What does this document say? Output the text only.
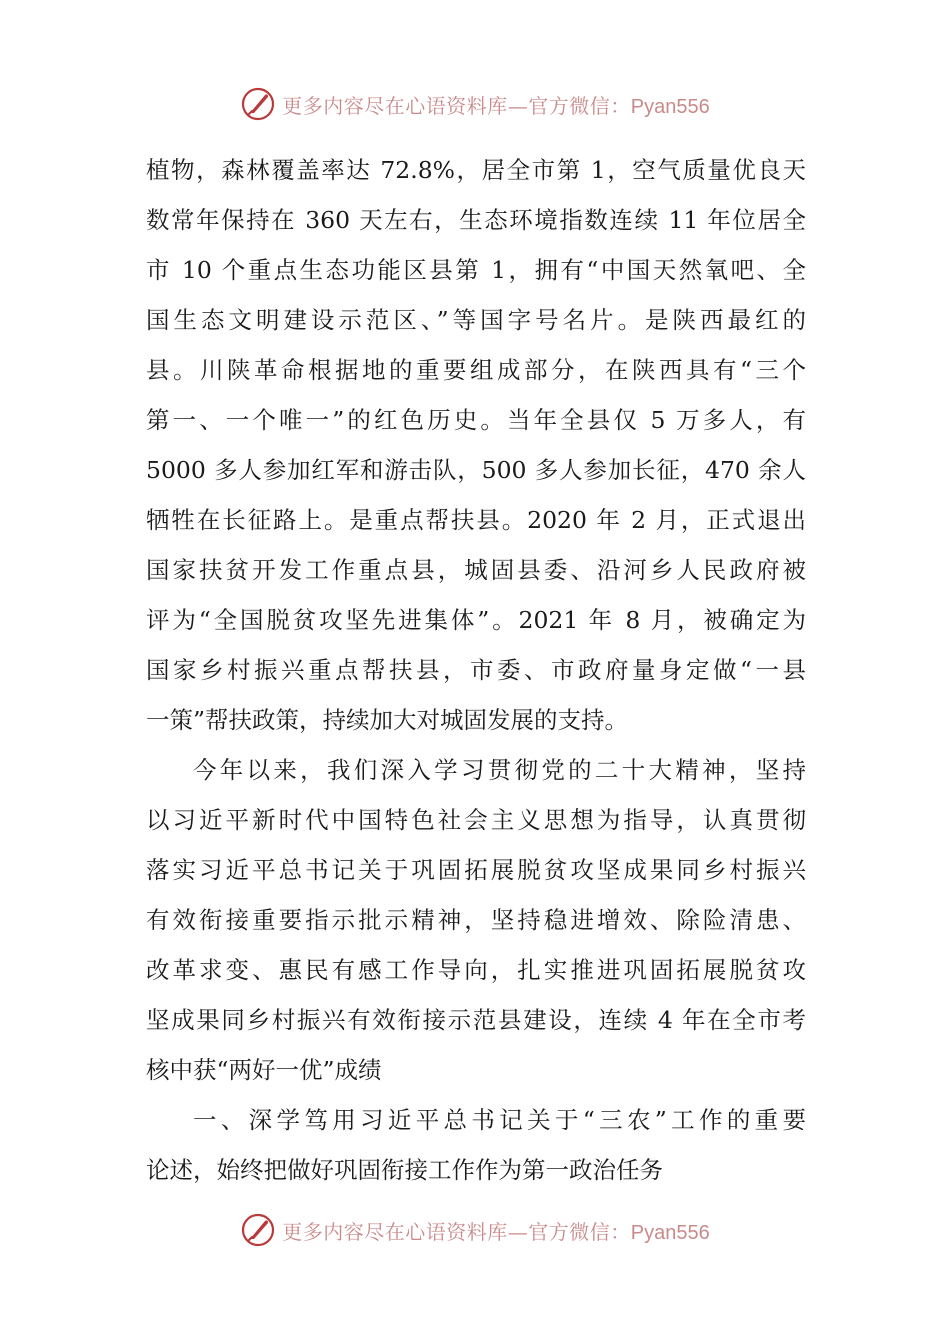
更多内容尽在心语资料库—官方微信：Pyan556
植物，森林覆盖率达 72.8%，居全市第 1，空气质量优良天
数常年保持在 360 天左右，生态环境指数连续 11 年位居全
市 10 个重点生态功能区县第 1，拥有“中国天然氧吧、全
国生态文明建设示范区、”等国字号名片。是陕西最红的
县。川陕革命根据地的重要组成部分，在陕西具有“三个
第一、一个唯一”的红色历史。当年全县仅 5 万多人，有
5000 多人参加红军和游击队，500 多人参加长征，470 余人
牺牲在长征路上。是重点帮扶县。2020 年 2 月，正式退出
国家扶贫开发工作重点县，城固县委、沿河乡人民政府被
评为“全国脱贫攻坚先进集体”。2021 年 8 月，被确定为
国家乡村振兴重点帮扶县，市委、市政府量身定做“一县
一策”帮扶政策，持续加大对城固发展的支持。
今年以来，我们深入学习贯彻党的二十大精神，坚持
以习近平新时代中国特色社会主义思想为指导，认真贯彻
落实习近平总书记关于巩固拓展脱贫攻坚成果同乡村振兴
有效衔接重要指示批示精神，坚持稳进增效、除险清患、
改革求变、惠民有感工作导向，扎实推进巩固拓展脱贫攻
坚成果同乡村振兴有效衔接示范县建设，连续 4 年在全市考
核中获“两好一优”成绩
一、深学笃用习近平总书记关于“三农”工作的重要
论述，始终把做好巩固衔接工作作为第一政治任务
更多内容尽在心语资料库—官方微信：Pyan556
